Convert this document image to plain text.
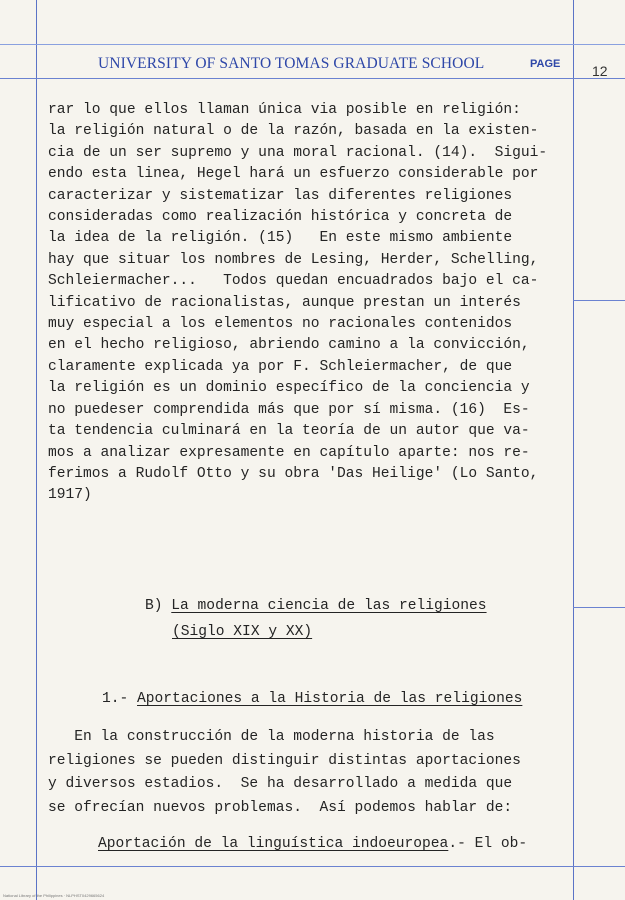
UNIVERSITY OF SANTO TOMAS GRADUATE SCHOOL	PAGE 12
rar lo que ellos llaman única via posible en religión:
la religión natural o de la razón, basada en la existen-
cia de un ser supremo y una moral racional. (14).  Sigui-
endo esta linea, Hegel hará un esfuerzo considerable por
caracterizar y sistematizar las diferentes religiones
consideradas como realización histórica y concreta de
la idea de la religión. (15)   En este mismo ambiente
hay que situar los nombres de Lesing, Herder, Schelling,
Schleiermacher...   Todos quedan encuadrados bajo el ca-
lificativo de racionalistas, aunque prestan un interés
muy especial a los elementos no racionales contenidos
en el hecho religioso, abriendo camino a la convicción,
claramente explicada ya por F. Schleiermacher, de que
la religión es un dominio específico de la conciencia y
no puedeser comprendida más que por sí misma. (16)  Es-
ta tendencia culminará en la teoría de un autor que va-
mos a analizar expresamente en capítulo aparte: nos re-
ferimos a Rudolf Otto y su obra 'Das Heilige' (Lo Santo,
1917)
B) La moderna ciencia de las religiones
(Siglo XIX y XX)
1.- Aportaciones a la Historia de las religiones
En la construcción de la moderna historia de las
religiones se pueden distinguir distintas aportaciones
y diversos estadios.  Se ha desarrollado a medida que
se ofrecían nuevos problemas.  Así podemos hablar de:
Aportación de la linguística indoeuropea.- El ob-
National Library of the Philippines · NLPHST0429665624
